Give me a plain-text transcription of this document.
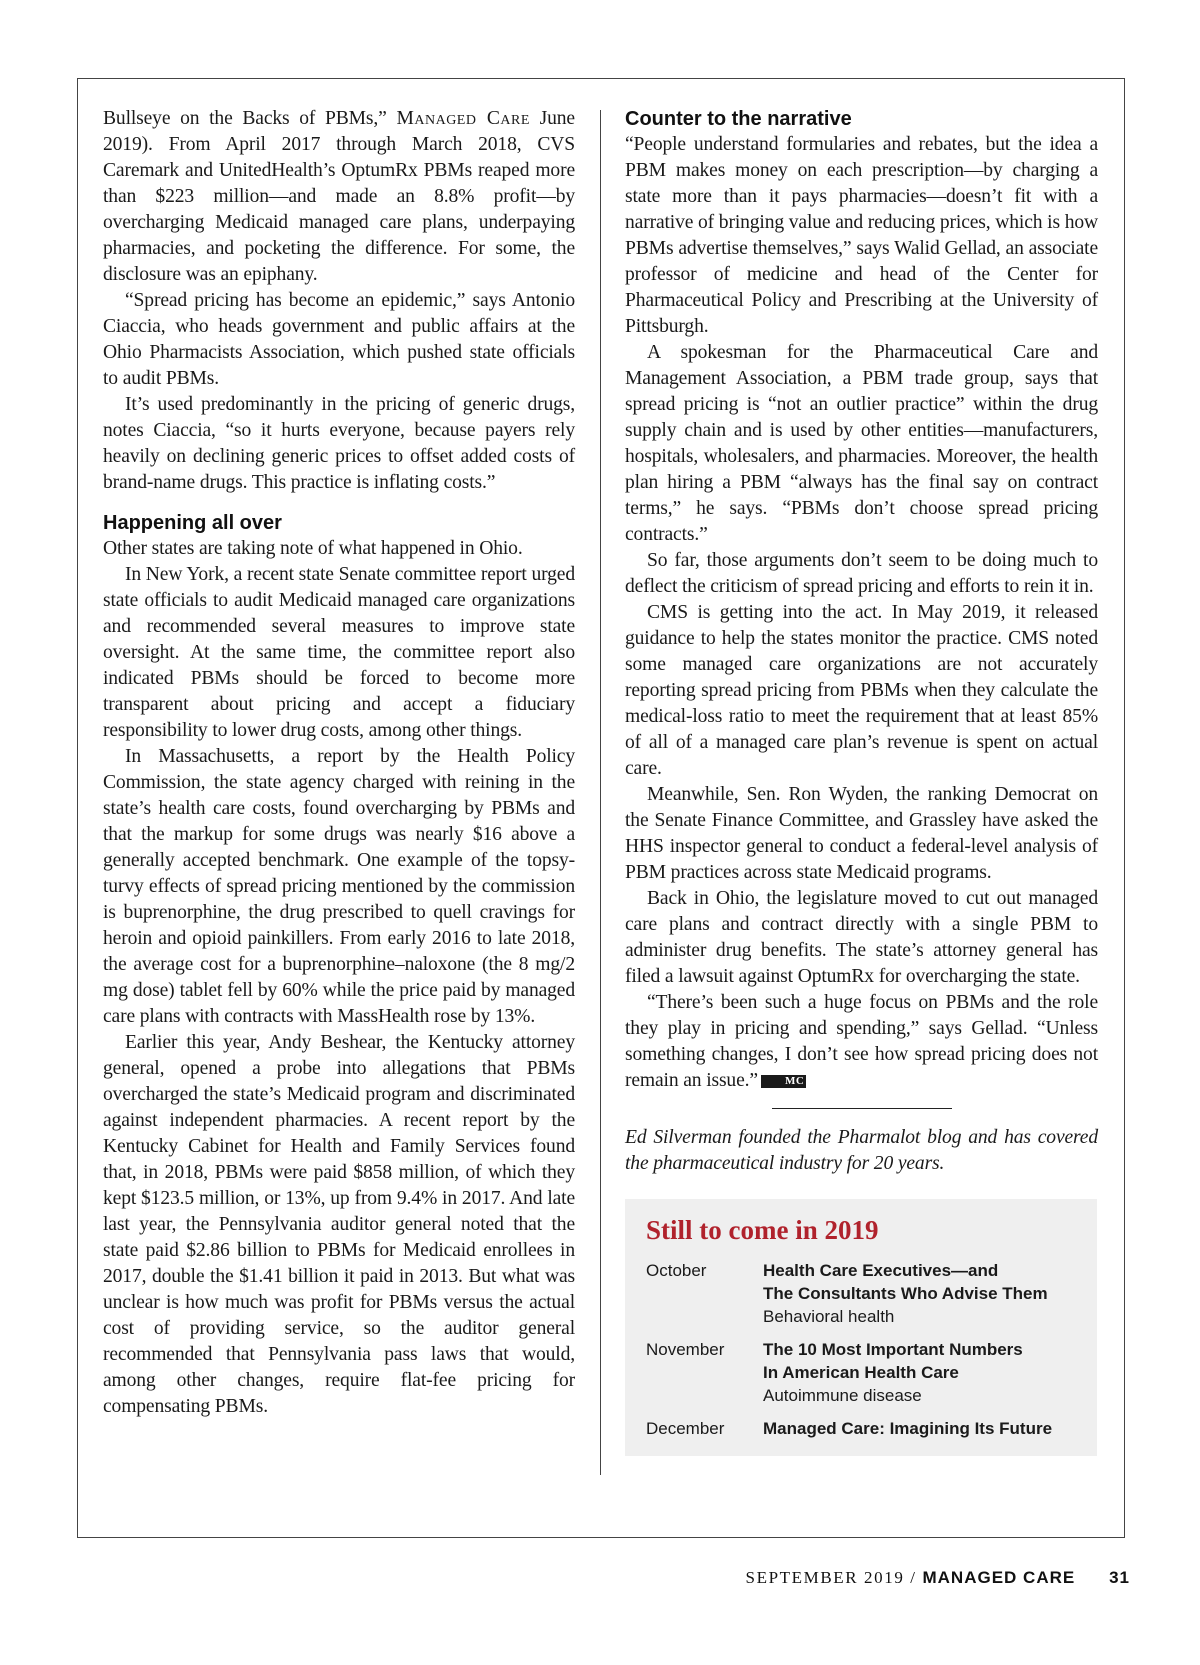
Bullseye on the Backs of PBMs,” Managed Care June 2019). From April 2017 through March 2018, CVS Caremark and UnitedHealth’s OptumRx PBMs reaped more than $223 million—and made an 8.8% profit—by overcharging Medicaid managed care plans, underpaying pharmacies, and pocketing the difference. For some, the disclosure was an epiphany.

“Spread pricing has become an epidemic,” says Antonio Ciaccia, who heads government and public affairs at the Ohio Pharmacists Association, which pushed state officials to audit PBMs.

It’s used predominantly in the pricing of generic drugs, notes Ciaccia, “so it hurts everyone, because payers rely heavily on declining generic prices to offset added costs of brand-name drugs. This practice is inflating costs.”

Happening all over

Other states are taking note of what happened in Ohio.

In New York, a recent state Senate committee report urged state officials to audit Medicaid managed care organizations and recommended several measures to improve state oversight. At the same time, the committee report also indicated PBMs should be forced to become more transparent about pricing and accept a fiduciary responsibility to lower drug costs, among other things.

In Massachusetts, a report by the Health Policy Commission, the state agency charged with reining in the state’s health care costs, found overcharging by PBMs and that the markup for some drugs was nearly $16 above a generally accepted benchmark. One example of the topsy-turvy effects of spread pricing mentioned by the commission is buprenorphine, the drug prescribed to quell cravings for heroin and opioid painkillers. From early 2016 to late 2018, the average cost for a buprenorphine–naloxone (the 8 mg/2 mg dose) tablet fell by 60% while the price paid by managed care plans with contracts with MassHealth rose by 13%.

Earlier this year, Andy Beshear, the Kentucky attorney general, opened a probe into allegations that PBMs overcharged the state’s Medicaid program and discriminated against independent pharmacies. A recent report by the Kentucky Cabinet for Health and Family Services found that, in 2018, PBMs were paid $858 million, of which they kept $123.5 million, or 13%, up from 9.4% in 2017. And late last year, the Pennsylvania auditor general noted that the state paid $2.86 billion to PBMs for Medicaid enrollees in 2017, double the $1.41 billion it paid in 2013. But what was unclear is how much was profit for PBMs versus the actual cost of providing service, so the auditor general recommended that Pennsylvania pass laws that would, among other changes, require flat-fee pricing for compensating PBMs.

Counter to the narrative

“People understand formularies and rebates, but the idea a PBM makes money on each prescription—by charging a state more than it pays pharmacies—doesn’t fit with a narrative of bringing value and reducing prices, which is how PBMs advertise themselves,” says Walid Gellad, an associate professor of medicine and head of the Center for Pharmaceutical Policy and Prescribing at the University of Pittsburgh.

A spokesman for the Pharmaceutical Care and Management Association, a PBM trade group, says that spread pricing is “not an outlier practice” within the drug supply chain and is used by other entities—manufacturers, hospitals, wholesalers, and pharmacies. Moreover, the health plan hiring a PBM “always has the final say on contract terms,” he says. “PBMs don’t choose spread pricing contracts.”

So far, those arguments don’t seem to be doing much to deflect the criticism of spread pricing and efforts to rein it in.

CMS is getting into the act. In May 2019, it released guidance to help the states monitor the practice. CMS noted some managed care organizations are not accurately reporting spread pricing from PBMs when they calculate the medical-loss ratio to meet the requirement that at least 85% of all of a managed care plan’s revenue is spent on actual care.

Meanwhile, Sen. Ron Wyden, the ranking Democrat on the Senate Finance Committee, and Grassley have asked the HHS inspector general to conduct a federal-level analysis of PBM practices across state Medicaid programs.

Back in Ohio, the legislature moved to cut out managed care plans and contract directly with a single PBM to administer drug benefits. The state’s attorney general has filed a lawsuit against OptumRx for overcharging the state.

“There’s been such a huge focus on PBMs and the role they play in pricing and spending,” says Gellad. “Unless something changes, I don’t see how spread pricing does not remain an issue.” MC

Ed Silverman founded the Pharmalot blog and has covered the pharmaceutical industry for 20 years.

Still to come in 2019
October	Health Care Executives—and
The Consultants Who Advise Them
Behavioral health
November	The 10 Most Important Numbers
In American Health Care
Autoimmune disease
December	Managed Care: Imagining Its Future
SEPTEMBER 2019 / MANAGED CARE 31
